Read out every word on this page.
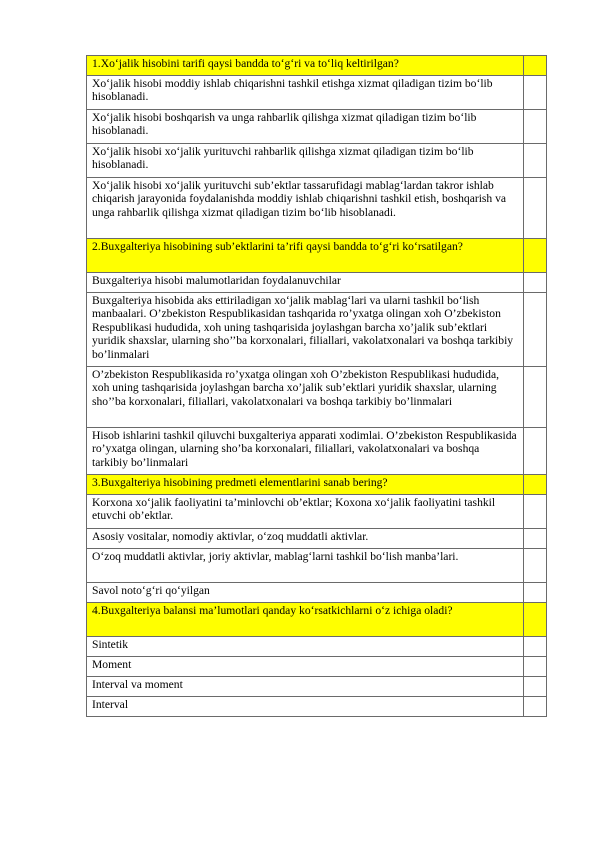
1.Xo‘jalik hisobini tarifi qaysi bandda to‘g‘ri va to‘liq keltirilgan?	
Xo‘jalik hisobi moddiy ishlab chiqarishni tashkil etishga xizmat qiladigan tizim bo‘lib hisoblanadi.	
Xo‘jalik hisobi boshqarish va unga rahbarlik qilishga xizmat qiladigan tizim bo‘lib hisoblanadi.	
Xo‘jalik hisobi xo‘jalik yurituvchi rahbarlik qilishga xizmat qiladigan tizim bo‘lib hisoblanadi.	
Xo‘jalik hisobi xo‘jalik yurituvchi sub’ektlar tassarufidagi mablag‘lardan takror ishlab chiqarish jarayonida foydalanishda moddiy ishlab chiqarishni tashkil etish, boshqarish va unga rahbarlik qilishga xizmat qiladigan tizim bo‘lib hisoblanadi.	
2.Buxgalteriya hisobining sub’ektlarini ta’rifi qaysi bandda to‘g‘ri ko‘rsatilgan?	
Buxgalteriya hisobi malumotlaridan foydalanuvchilar	
Buxgalteriya hisobida aks ettiriladigan xo‘jalik mablag‘lari va ularni tashkil bo‘lish manbaalari. O’zbekiston Respublikasidan tashqarida ro’yxatga olingan xoh O’zbekiston Respublikasi hududida, xoh uning tashqarisida joylashgan barcha xo’jalik sub’ektlari yuridik shaxslar, ularning sho’’ba korxonalari, filiallari, vakolatxonalari va boshqa tarkibiy bo’linmalari	
O’zbekiston Respublikasida ro’yxatga olingan xoh O’zbekiston Respublikasi hududida, xoh uning tashqarisida joylashgan barcha xo’jalik sub’ektlari yuridik shaxslar, ularning sho’’ba korxonalari, filiallari, vakolatxonalari va boshqa tarkibiy bo’linmalari	
Hisob ishlarini tashkil qiluvchi buxgalteriya apparati xodimlai. O’zbekiston Respublikasida ro’yxatga olingan, ularning sho’ba korxonalari, filiallari, vakolatxonalari va boshqa tarkibiy bo’linmalari	
3.Buxgalteriya hisobining predmeti elementlarini sanab bering?	
Korxona xo‘jalik faoliyatini ta’minlovchi ob’ektlar; Koxona xo‘jalik faoliyatini tashkil etuvchi ob’ektlar.	
Asosiy vositalar, nomodiy aktivlar, o‘zoq muddatli aktivlar.	
O‘zoq muddatli aktivlar, joriy aktivlar, mablag‘larni tashkil bo‘lish manba’lari.	
Savol noto‘g‘ri qo‘yilgan	
4.Buxgalteriya balansi ma’lumotlari qanday ko‘rsatkichlarni o‘z ichiga oladi?	
Sintetik	
Moment	
Interval va moment	
Interval	
